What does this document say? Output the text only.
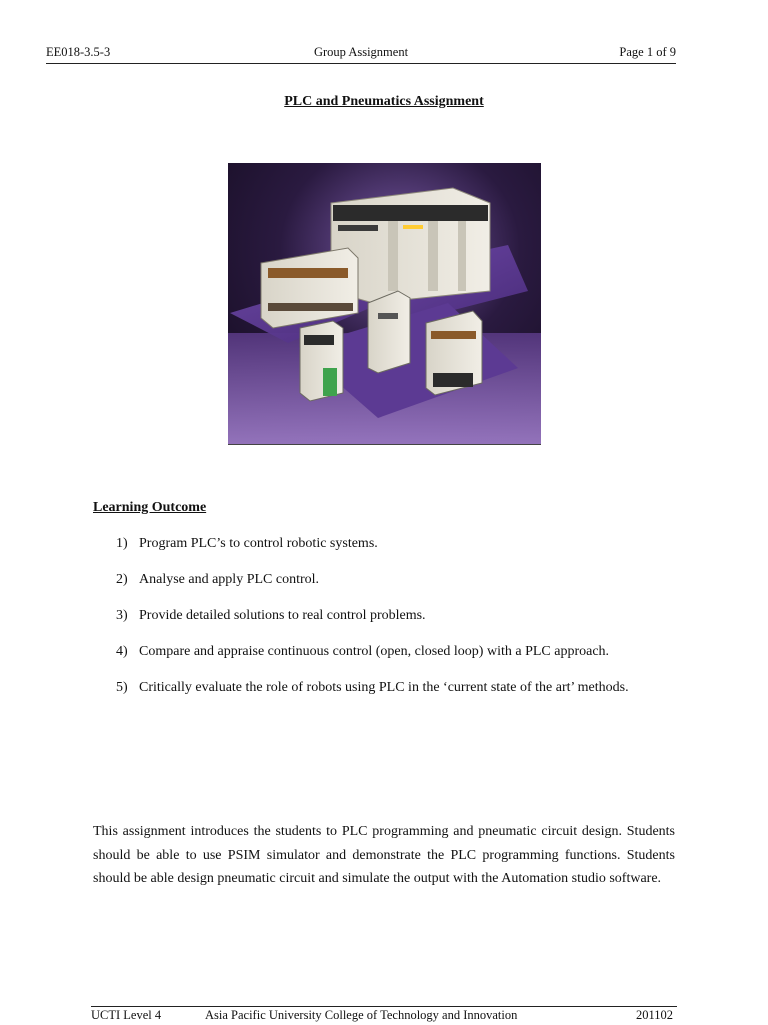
EE018-3.5-3	Group Assignment	Page 1 of 9
PLC and Pneumatics Assignment
Learning Outcome
1) Program PLC’s to control robotic systems.
2) Analyse and apply PLC control.
3) Provide detailed solutions to real control problems.
4) Compare and appraise continuous control (open, closed loop) with a PLC approach.
5) Critically evaluate the role of robots using PLC in the ‘current state of the art’ methods.

This assignment introduces the students to PLC programming and pneumatic circuit design. Students should be able to use PSIM simulator and demonstrate the PLC programming functions. Students should be able design pneumatic circuit and simulate the output with the Automation studio software.

UCTI Level 4	Asia Pacific University College of Technology and Innovation	201102
